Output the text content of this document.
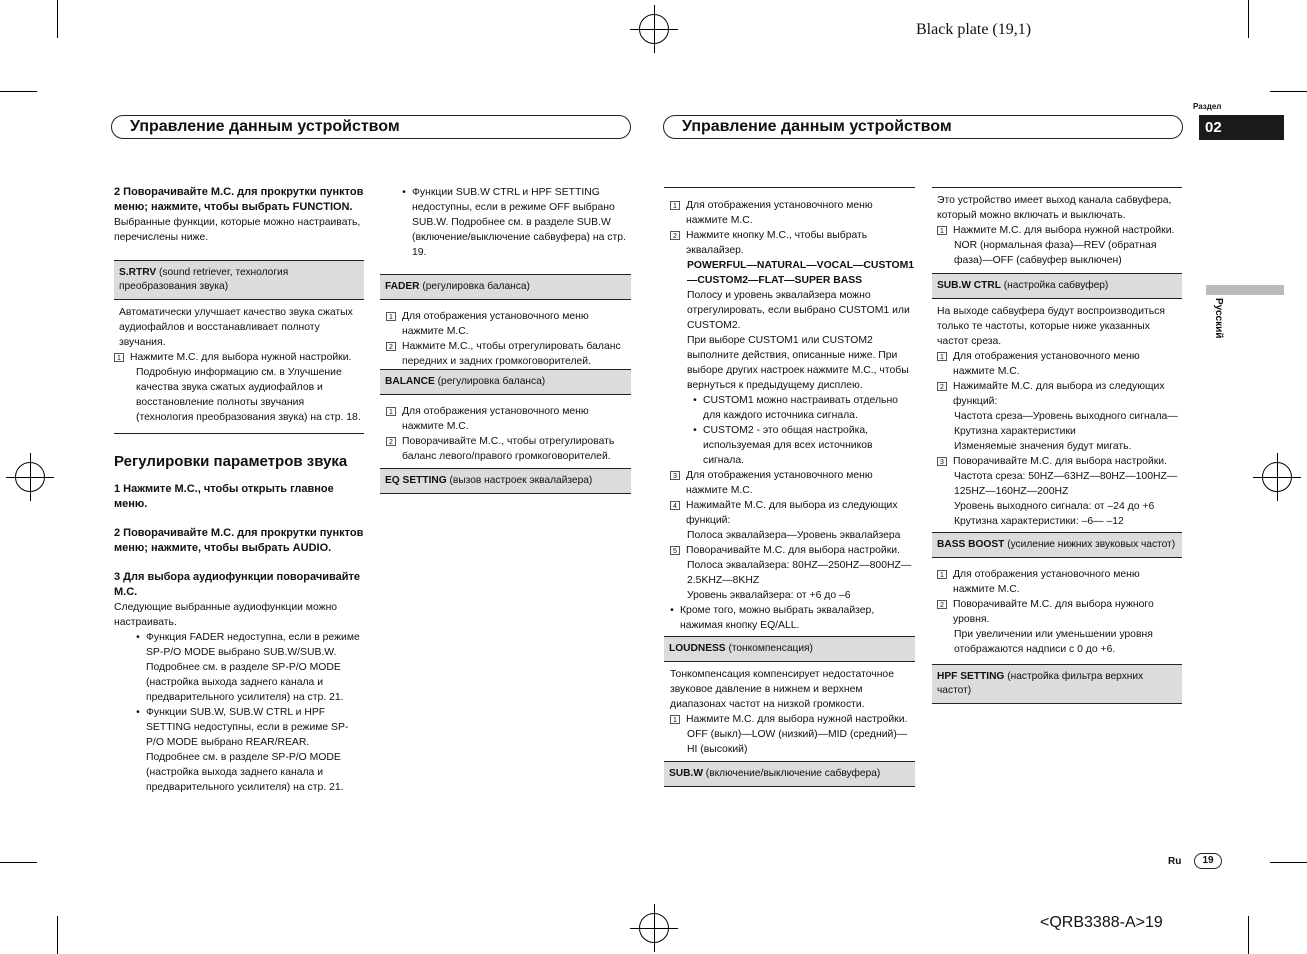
Black plate (19,1)
<QRB3388-A>19
Раздел
02
Русский
Управление данным устройством	Управление данным устройством

2 Поворачивайте M.C. для прокрутки пунктов меню; нажмите, чтобы выбрать FUNCTION.

Выбранные функции, которые можно настраивать, перечислены ниже.

S.RTRV (sound retriever, технология преобразования звука)

Автоматически улучшает качество звука сжатых аудиофайлов и восстанавливает полноту звучания.

1 Нажмите M.C. для выбора нужной настройки.

Подробную информацию см. в Улучшение качества звука сжатых аудиофайлов и восстановление полноты звучания (технология преобразования звука) на стр. 18.

Регулировки параметров звука

1 Нажмите M.C., чтобы открыть главное меню.

2 Поворачивайте M.C. для прокрутки пунктов меню; нажмите, чтобы выбрать AUDIO.

3 Для выбора аудиофункции поворачивайте M.C.

Следующие выбранные аудиофункции можно настраивать.

• Функция FADER недоступна, если в режиме SP-P/O MODE выбрано SUB.W/SUB.W. Подробнее см. в разделе SP-P/O MODE (настройка выхода заднего канала и предварительного усилителя) на стр. 21.
• Функции SUB.W, SUB.W CTRL и HPF SETTING недоступны, если в режиме SP-P/O MODE выбрано REAR/REAR. Подробнее см. в разделе SP-P/O MODE (настройка выхода заднего канала и предварительного усилителя) на стр. 21.
• Функции SUB.W CTRL и HPF SETTING недоступны, если в режиме OFF выбрано SUB.W. Подробнее см. в разделе SUB.W (включение/выключение сабвуфера) на стр. 19.
FADER (регулировка баланса)
1 Для отображения установочного меню нажмите M.C.
2 Нажмите M.C., чтобы отрегулировать баланс передних и задних громкоговорителей.
BALANCE (регулировка баланса)
1 Для отображения установочного меню нажмите M.C.
2 Поворачивайте M.C., чтобы отрегулировать баланс левого/правого громкоговорителей.
EQ SETTING (вызов настроек эквалайзера)
1 Для отображения установочного меню нажмите M.C.
2 Нажмите кнопку M.C., чтобы выбрать эквалайзер.

POWERFUL—NATURAL—VOCAL—CUSTOM1—CUSTOM2—FLAT—SUPER BASS

Полосу и уровень эквалайзера можно отрегулировать, если выбрано CUSTOM1 или CUSTOM2.

При выборе CUSTOM1 или CUSTOM2 выполните действия, описанные ниже. При выборе других настроек нажмите M.C., чтобы вернуться к предыдущему дисплею.

• CUSTOM1 можно настраивать отдельно для каждого источника сигнала.
• CUSTOM2 - это общая настройка, используемая для всех источников сигнала.
3 Для отображения установочного меню нажмите M.C.
4 Нажимайте M.C. для выбора из следующих функций:

Полоса эквалайзера—Уровень эквалайзера

5 Поворачивайте M.C. для выбора настройки.

Полоса эквалайзера: 80HZ—250HZ—800HZ—2.5KHZ—8KHZ

Уровень эквалайзера: от +6 до –6

• Кроме того, можно выбрать эквалайзер, нажимая кнопку EQ/ALL.
LOUDNESS (тонкомпенсация)

Тонкомпенсация компенсирует недостаточное звуковое давление в нижнем и верхнем диапазонах частот на низкой громкости.

1 Нажмите M.C. для выбора нужной настройки.

OFF (выкл)—LOW (низкий)—MID (средний)—HI (высокий)

SUB.W (включение/выключение сабвуфера)

Это устройство имеет выход канала сабвуфера, который можно включать и выключать.

1 Нажмите M.C. для выбора нужной настройки.

NOR (нормальная фаза)—REV (обратная фаза)—OFF (сабвуфер выключен)

SUB.W CTRL (настройка сабвуфер)

На выходе сабвуфера будут воспроизводиться только те частоты, которые ниже указанных частот среза.

1 Для отображения установочного меню нажмите M.C.
2 Нажимайте M.C. для выбора из следующих функций:

Частота среза—Уровень выходного сигнала—Крутизна характеристики

Изменяемые значения будут мигать.

3 Поворачивайте M.C. для выбора настройки.

Частота среза: 50HZ—63HZ—80HZ—100HZ—125HZ—160HZ—200HZ

Уровень выходного сигнала: от –24 до +6

Крутизна характеристики: –6— –12

BASS BOOST (усиление нижних звуковых частот)
1 Для отображения установочного меню нажмите M.C.
2 Поворачивайте M.C. для выбора нужного уровня.

При увеличении или уменьшении уровня отображаются надписи с 0 до +6.

HPF SETTING (настройка фильтра верхних частот)
Ru	19
